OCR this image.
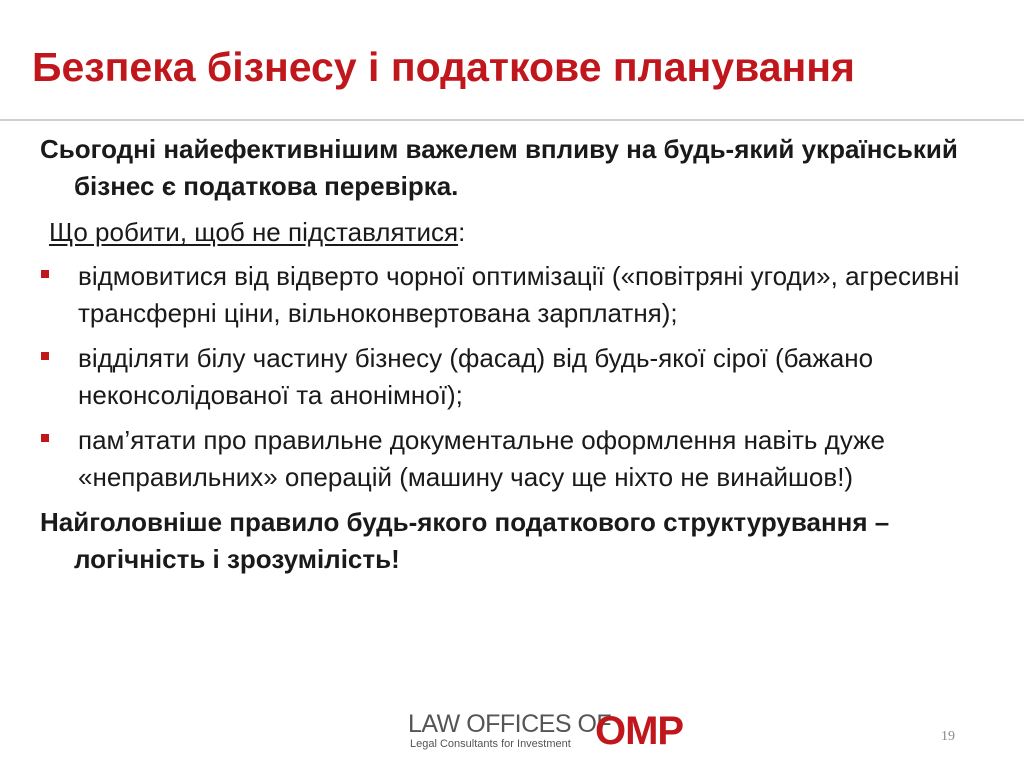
Безпека бізнесу і податкове планування

Сьогодні найефективнішим важелем впливу на будь-який український бізнес є податкова перевірка.

Що робити, щоб не підставлятися:

відмовитися від відверто чорної оптимізації («повітряні угоди», агресивні трансферні ціни, вільноконвертована зарплатня);
відділяти білу частину бізнесу (фасад) від будь-якої сірої (бажано неконсолідованої та анонімної);
пам’ятати про правильне документальне оформлення навіть дуже «неправильних» операцій (машину часу ще ніхто не винайшов!)

Найголовніше правило будь-якого податкового структурування – логічність і зрозумілість!

LAW OFFICES OF
Legal Consultants for Investment OMP	19
